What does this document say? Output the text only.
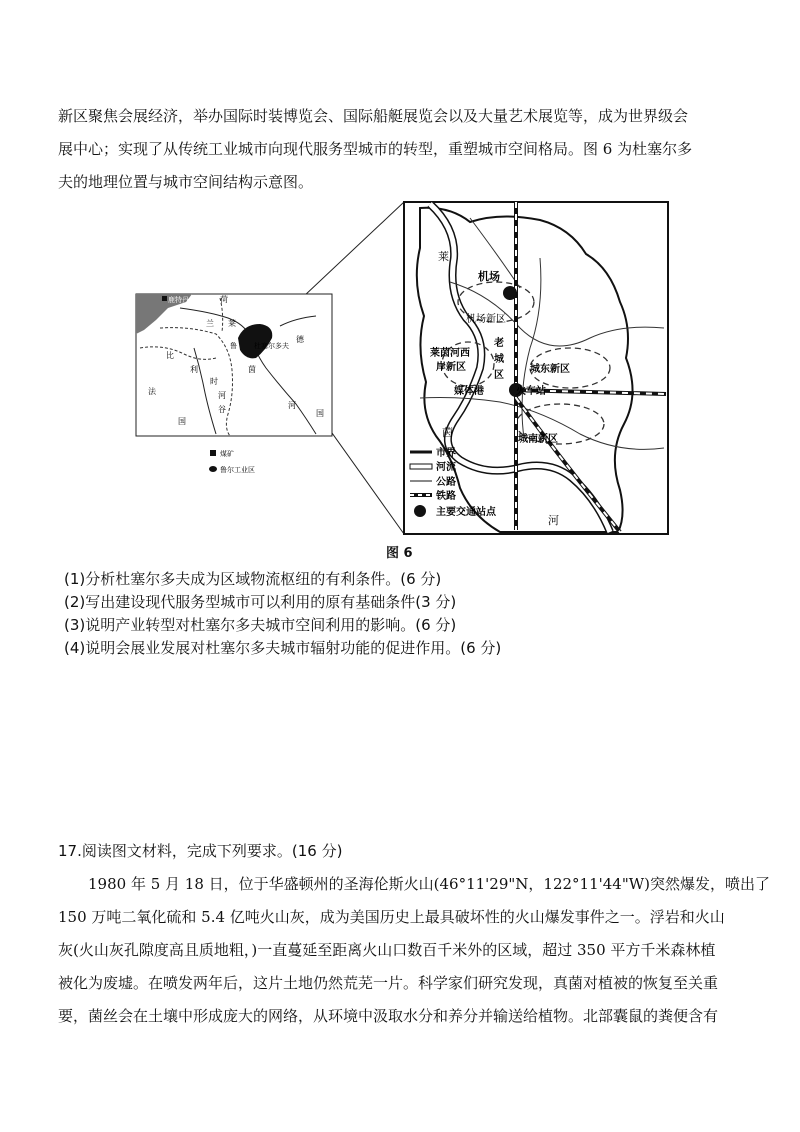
新区聚焦会展经济，举办国际时装博览会、国际船艇展览会以及大量艺术展览等，成为世界级会
展中心；实现了从传统工业城市向现代服务型城市的转型，重塑城市空间格局。图 6 为杜塞尔多
夫的地理位置与城市空间结构示意图。
鹿特丹	荷
兰 莱
比
利
时
法
国
河
谷
鲁 杜塞尔多夫
德
河
国
茵
煤矿
鲁尔工业区
莱
机场
机场新区
莱茵河西
岸新区
老
城
区
城东新区
媒体港	火车站
茵
城南新区
河
市界
河流
公路
铁路
主要交通站点
图 6
(1)分析杜塞尔多夫成为区域物流枢纽的有利条件。(6 分)
(2)写出建设现代服务型城市可以利用的原有基础条件(3 分)
(3)说明产业转型对杜塞尔多夫城市空间利用的影响。(6 分)
(4)说明会展业发展对杜塞尔多夫城市辐射功能的促进作用。(6 分)
17.阅读图文材料，完成下列要求。(16 分)
1980 年 5 月 18 日，位于华盛顿州的圣海伦斯火山(46°11'29"N，122°11'44"W)突然爆发，喷出了
150 万吨二氧化硫和 5.4 亿吨火山灰，成为美国历史上最具破坏性的火山爆发事件之一。浮岩和火山
灰(火山灰孔隙度高且质地粗，)一直蔓延至距离火山口数百千米外的区域，超过 350 平方千米森林植
被化为废墟。在喷发两年后，这片土地仍然荒芜一片。科学家们研究发现，真菌对植被的恢复至关重
要，菌丝会在土壤中形成庞大的网络，从环境中汲取水分和养分并输送给植物。北部囊鼠的粪便含有
